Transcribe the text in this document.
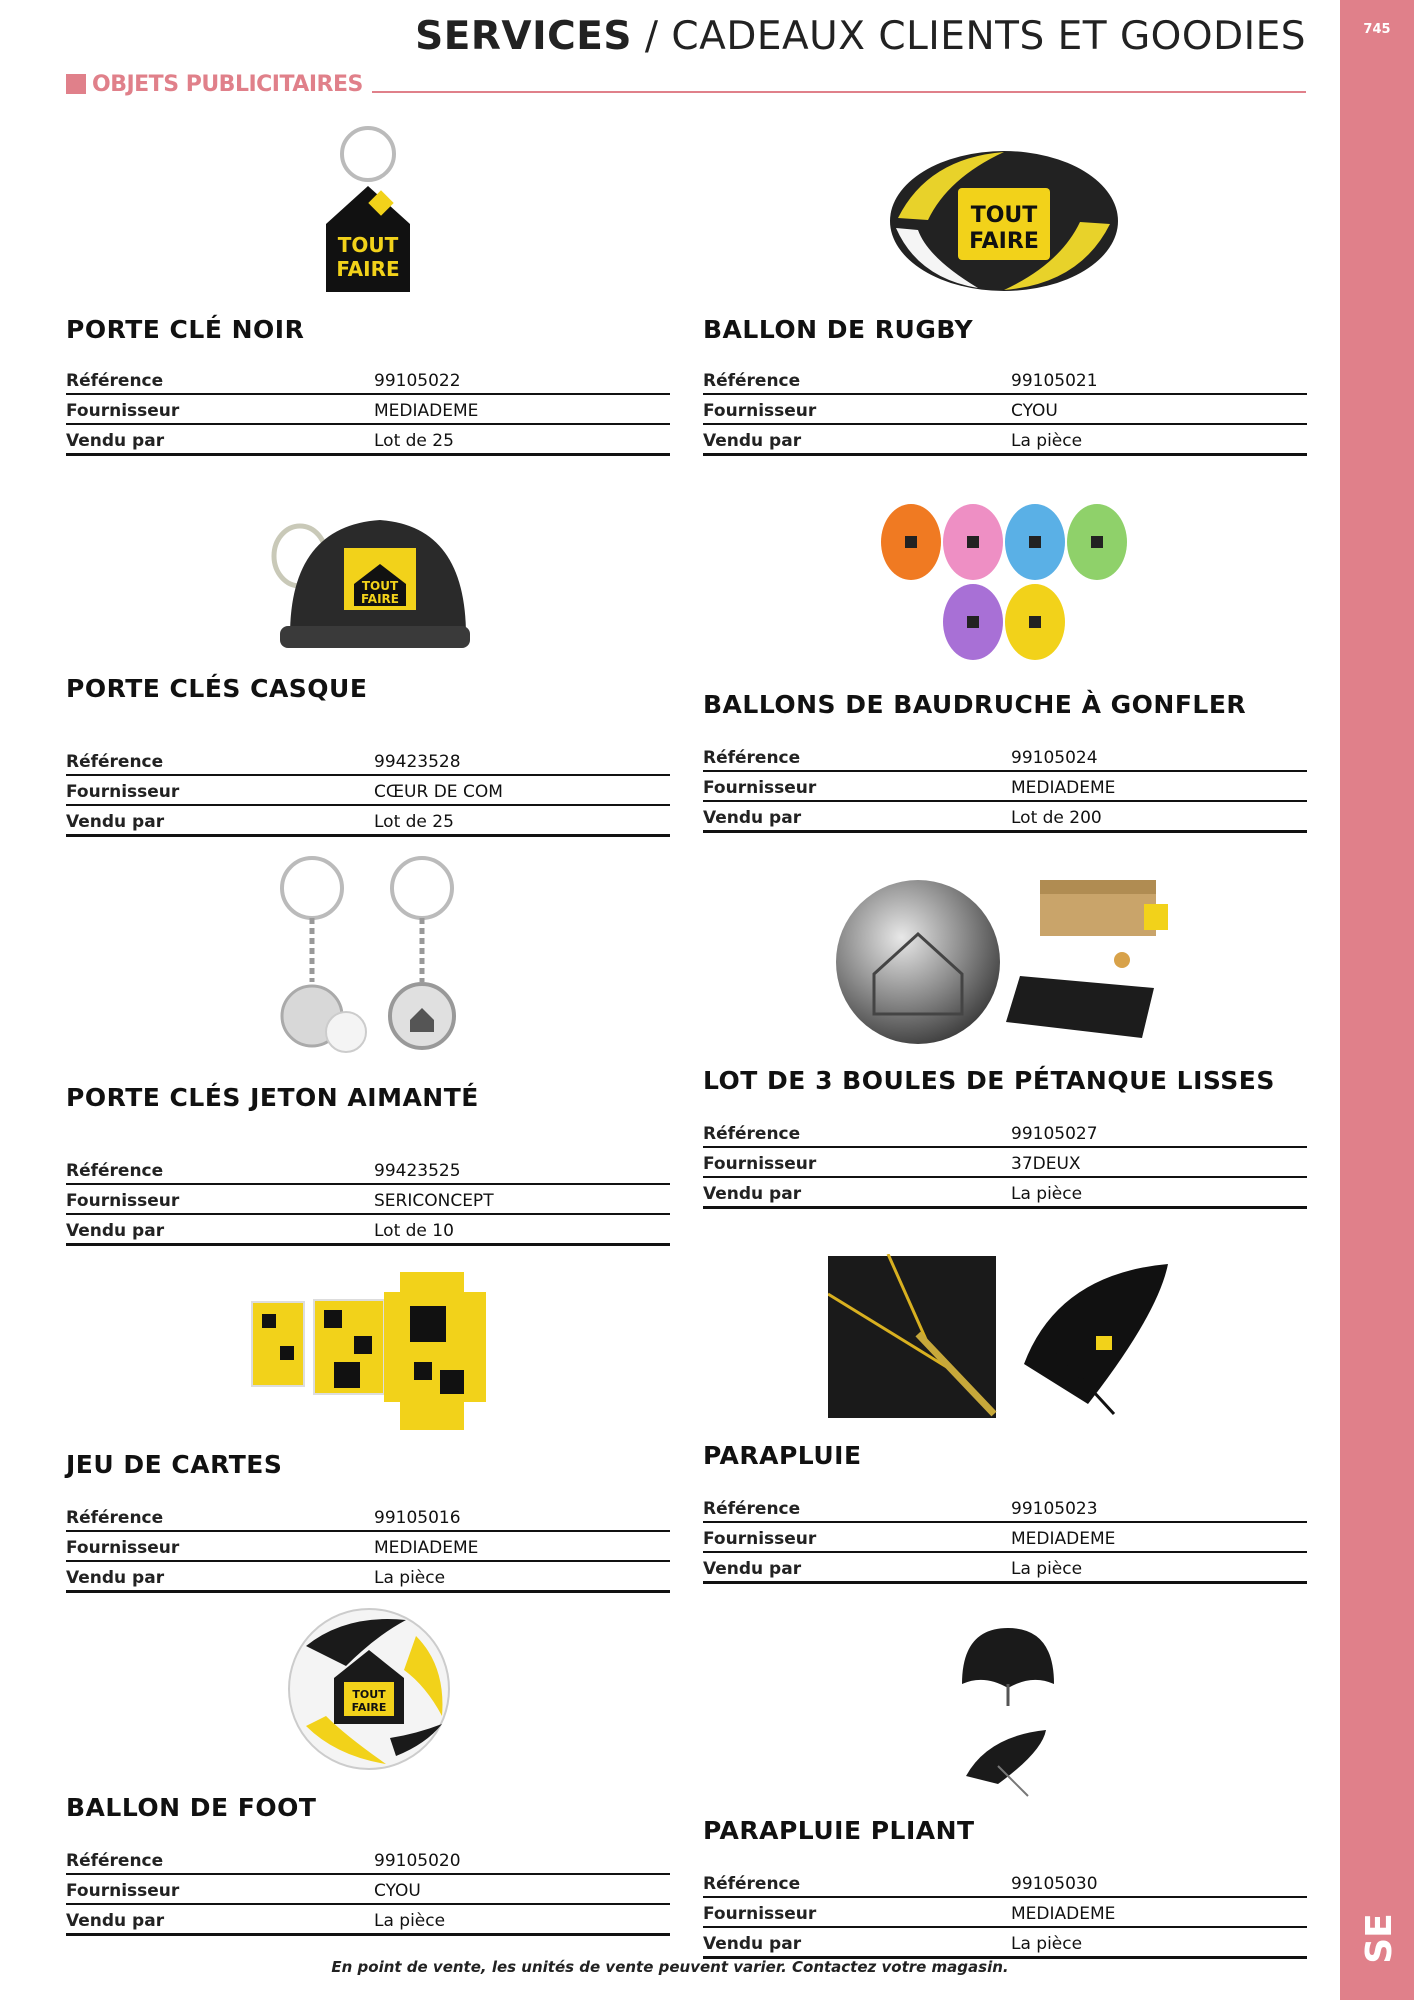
745
SE
SERVICES / CADEAUX CLIENTS ET GOODIES
OBJETS PUBLICITAIRES
TOUT
FAIRE
PORTE CLÉ NOIR
Référence	99105022
Fournisseur	MEDIADEME
Vendu par	Lot de 25
TOUT
FAIRE
BALLON DE RUGBY
Référence	99105021
Fournisseur	CYOU
Vendu par	La pièce
TOUT
FAIRE
PORTE CLÉS CASQUE
Référence	99423528
Fournisseur	CŒUR DE COM
Vendu par	Lot de 25
BALLONS DE BAUDRUCHE À GONFLER
Référence	99105024
Fournisseur	MEDIADEME
Vendu par	Lot de 200
PORTE CLÉS JETON AIMANTÉ
Référence	99423525
Fournisseur	SERICONCEPT
Vendu par	Lot de 10
LOT DE 3 BOULES DE PÉTANQUE LISSES
Référence	99105027
Fournisseur	37DEUX
Vendu par	La pièce
JEU DE CARTES
Référence	99105016
Fournisseur	MEDIADEME
Vendu par	La pièce
PARAPLUIE
Référence	99105023
Fournisseur	MEDIADEME
Vendu par	La pièce
TOUT
FAIRE
BALLON DE FOOT
Référence	99105020
Fournisseur	CYOU
Vendu par	La pièce
PARAPLUIE PLIANT
Référence	99105030
Fournisseur	MEDIADEME
Vendu par	La pièce
En point de vente, les unités de vente peuvent varier. Contactez votre magasin.
